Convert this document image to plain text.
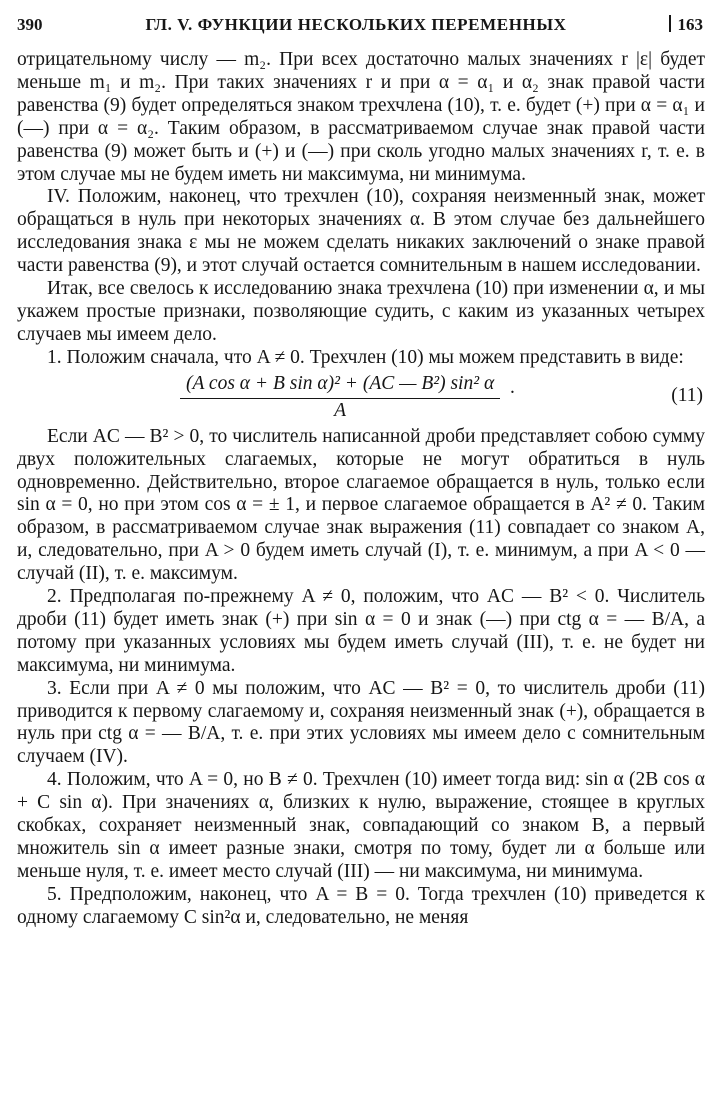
390	ГЛ. V. ФУНКЦИИ НЕСКОЛЬКИХ ПЕРЕМЕННЫХ	163

отрицательному числу — m₂. При всех достаточно малых значениях r |ε| будет меньше m₁ и m₂. При таких значениях r и при α = α₁ и α₂ знак правой части равенства (9) будет определяться знаком трехчлена (10), т. е. будет (+) при α = α₁ и (—) при α = α₂. Таким образом, в рассматриваемом случае знак правой части равенства (9) может быть и (+) и (—) при сколь угодно малых значениях r, т. е. в этом случае мы не будем иметь ни максимума, ни минимума.

IV. Положим, наконец, что трехчлен (10), сохраняя неизменный знак, может обращаться в нуль при некоторых значениях α. В этом случае без дальнейшего исследования знака ε мы не можем сделать никаких заключений о знаке правой части равенства (9), и этот случай остается сомнительным в нашем исследовании.

Итак, все свелось к исследованию знака трехчлена (10) при изменении α, и мы укажем простые признаки, позволяющие судить, с каким из указанных четырех случаев мы имеем дело.

1. Положим сначала, что A ≠ 0. Трехчлен (10) мы можем представить в виде:

$\frac{\text{(A cos α + B sin α)² + (AC — B²) sin² α}}{A}$ .	(11)

Если AC — B² > 0, то числитель написанной дроби представляет собою сумму двух положительных слагаемых, которые не могут обратиться в нуль одновременно. Действительно, второе слагаемое обращается в нуль, только если sin α = 0, но при этом cos α = ± 1, и первое слагаемое обращается в A² ≠ 0. Таким образом, в рассматриваемом случае знак выражения (11) совпадает со знаком A, и, следовательно, при A > 0 будем иметь случай (I), т. е. минимум, а при A < 0 — случай (II), т. е. максимум.

2. Предполагая по-прежнему A ≠ 0, положим, что AC — B² < 0. Числитель дроби (11) будет иметь знак (+) при sin α = 0 и знак (—) при ctg α = — B/A, а потому при указанных условиях мы будем иметь случай (III), т. е. не будет ни максимума, ни минимума.

3. Если при A ≠ 0 мы положим, что AC — B² = 0, то числитель дроби (11) приводится к первому слагаемому и, сохраняя неизменный знак (+), обращается в нуль при ctg α = — B/A, т. е. при этих условиях мы имеем дело с сомнительным случаем (IV).

4. Положим, что A = 0, но B ≠ 0. Трехчлен (10) имеет тогда вид: sin α (2B cos α + C sin α). При значениях α, близких к нулю, выражение, стоящее в круглых скобках, сохраняет неизменный знак, совпадающий со знаком B, а первый множитель sin α имеет разные знаки, смотря по тому, будет ли α больше или меньше нуля, т. е. имеет место случай (III) — ни максимума, ни минимума.

5. Предположим, наконец, что A = B = 0. Тогда трехчлен (10) приведется к одному слагаемому C sin²α и, следовательно, не меняя
